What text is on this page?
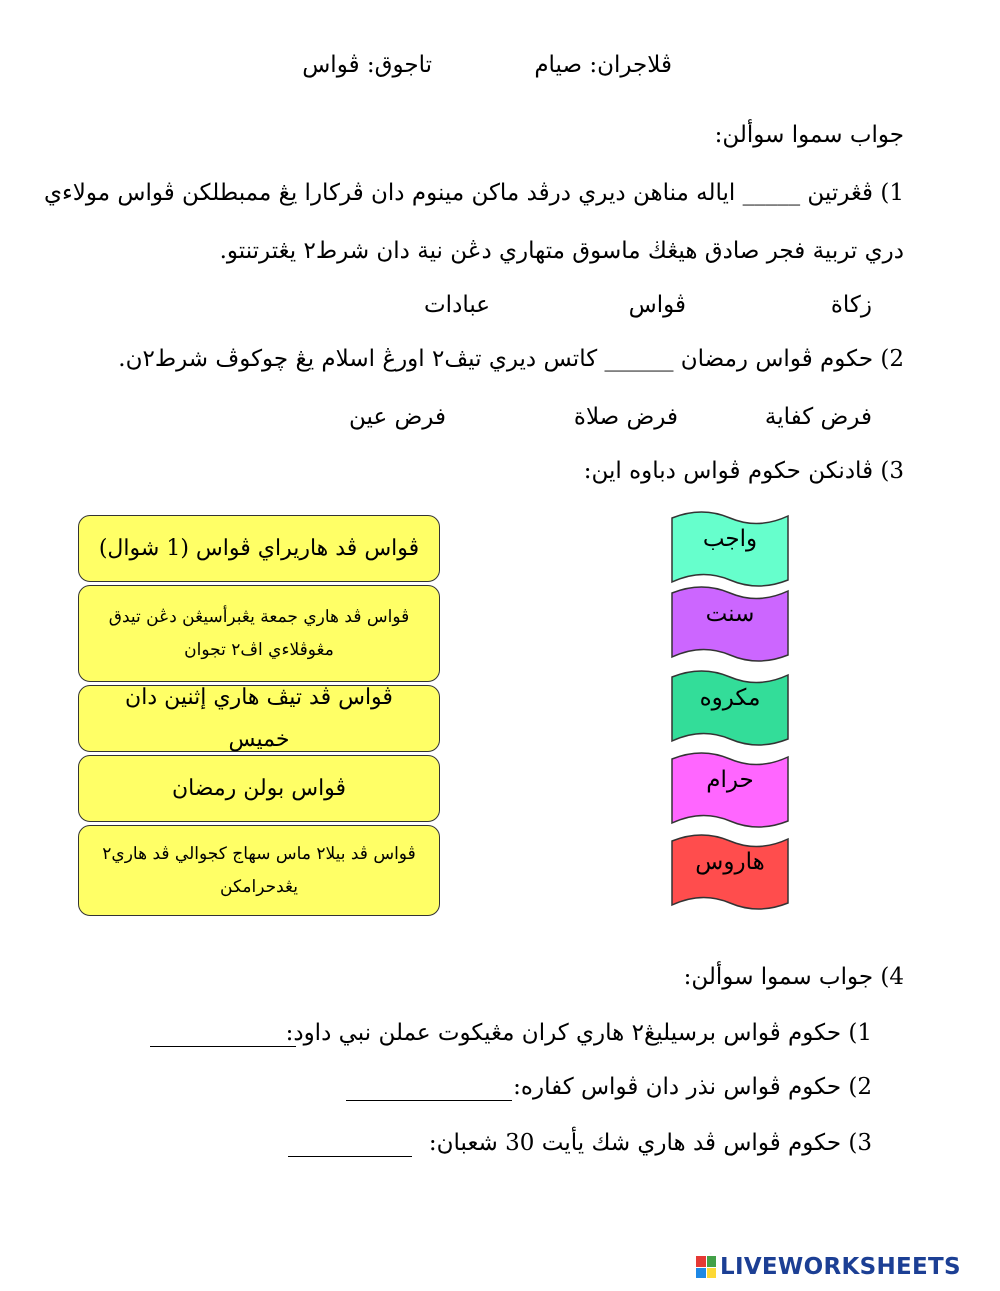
تاجوق: ڤواس	ڤلاجران: صيام
جواب سموا سوألن:
1) ڤڠرتين _____ اياله مناهن ديري درڤد ماكن مينوم دان ڤركارا يڠ ممبطلكن ڤواس مولاءي
دري تربية فجر صادق هيڠڬ ماسوق متهاري دڠن نية دان شرط٢ يڠترتنتو.
زكاة
ڤواس
عبادات
2) حكوم ڤواس رمضان ______ كاتس ديري تيڤ٢ اورڠ اسلام يڠ چوكوڤ شرط٢ن.
فرض كفاية
فرض صلاة
فرض عين
3) ڤادنكن حكوم ڤواس دباوه اين:
ڤواس ڤد هاريراي ڤواس (1 شوال)
ڤواس ڤد هاري جمعة يڠبرأسيڠن دڠن تيدق مڠوڤلاءي اڤ٢ تجوان
ڤواس ڤد تيڤ هاري إثنين دان خميس
ڤواس بولن رمضان
ڤواس ڤد بيلا٢ ماس سهاج كجوالي ڤد هاري٢ يڠدحرامكن
واجب
سنت
مكروه
حرام
هاروس
4) جواب سموا سوألن:
1) حكوم ڤواس برسيليڠ٢ هاري كران مڠيكوت عملن نبي داود:
2) حكوم ڤواس نذر دان ڤواس كفاره:
3) حكوم ڤواس ڤد هاري شك يأيت 30 شعبان:
LIVEWORKSHEETS
